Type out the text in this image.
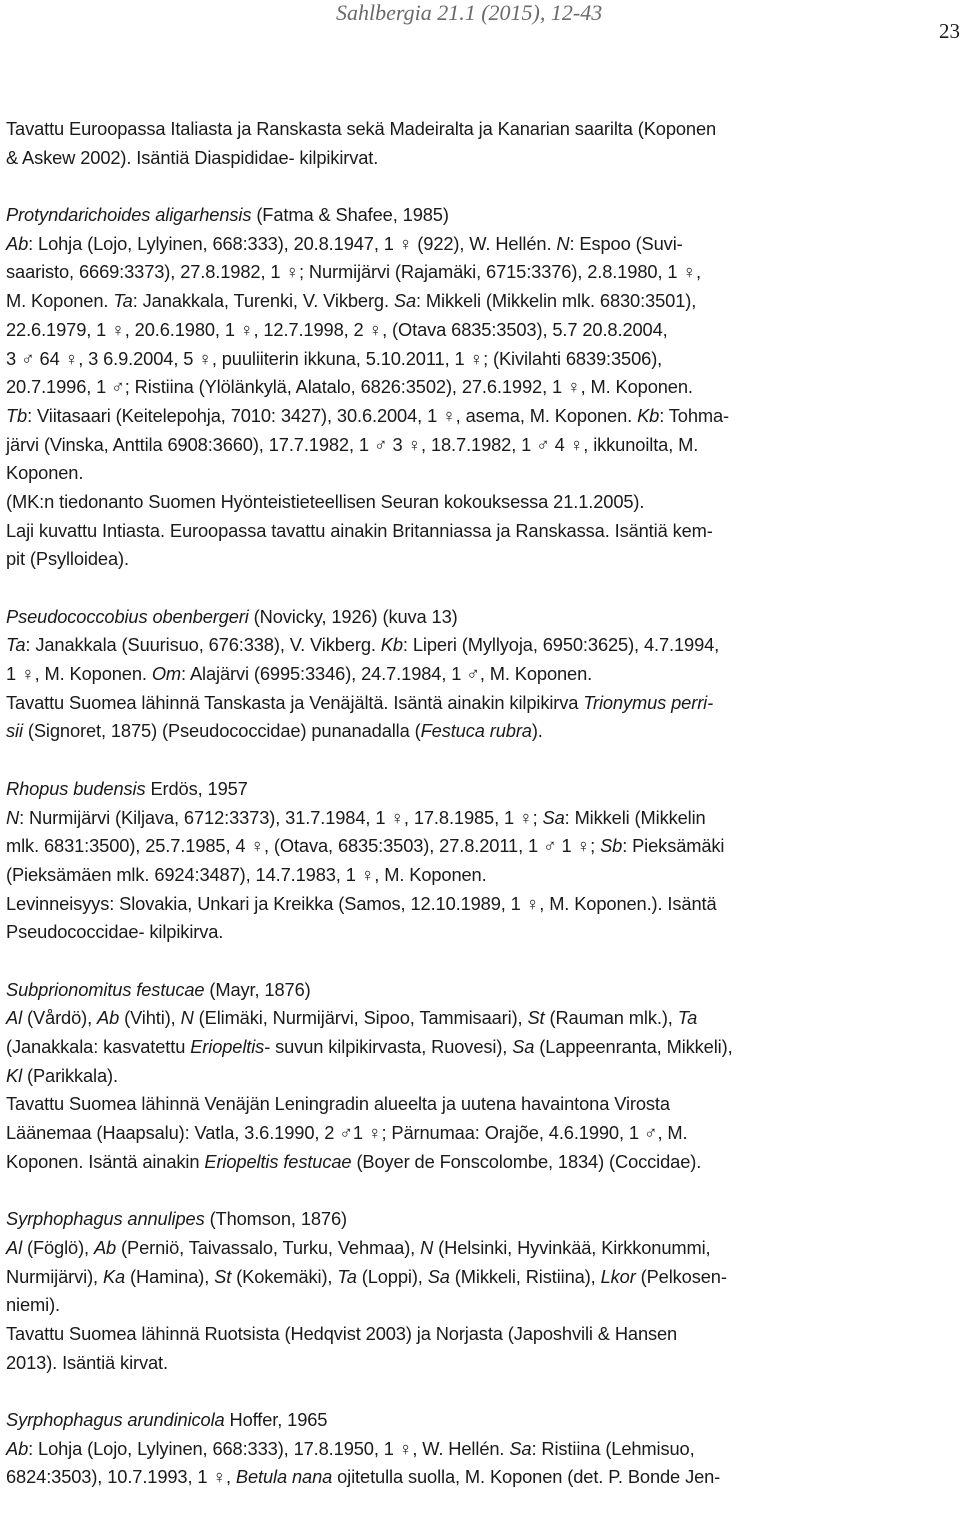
Sahlbergia 21.1 (2015), 12-43
23
Tavattu Euroopassa Italiasta ja Ranskasta sekä Madeiralta ja Kanarian saarilta (Koponen
& Askew 2002). Isäntiä Diaspididae- kilpikirvat.
Protyndarichoides aligarhensis (Fatma & Shafee, 1985)
Ab: Lohja (Lojo, Lylyinen, 668:333), 20.8.1947, 1 ♀ (922), W. Hellén. N: Espoo (Suvi-
saaristo, 6669:3373), 27.8.1982, 1 ♀; Nurmijärvi (Rajamäki, 6715:3376), 2.8.1980, 1 ♀,
M. Koponen. Ta: Janakkala, Turenki, V. Vikberg. Sa: Mikkeli (Mikkelin mlk. 6830:3501),
22.6.1979, 1 ♀, 20.6.1980, 1 ♀, 12.7.1998, 2 ♀, (Otava 6835:3503), 5.7 20.8.2004,
3 ♂ 64 ♀, 3 6.9.2004, 5 ♀, puuliiterin ikkuna, 5.10.2011, 1 ♀; (Kivilahti 6839:3506),
20.7.1996, 1 ♂; Ristiina (Ylölänkylä, Alatalo, 6826:3502), 27.6.1992, 1 ♀, M. Koponen.
Tb: Viitasaari (Keitelepohja, 7010: 3427), 30.6.2004, 1 ♀, asema, M. Koponen. Kb: Tohma-
järvi (Vinska, Anttila 6908:3660), 17.7.1982, 1 ♂ 3 ♀, 18.7.1982, 1 ♂ 4 ♀, ikkunoilta, M.
Koponen.
(MK:n tiedonanto Suomen Hyönteistieteellisen Seuran kokouksessa 21.1.2005).
Laji kuvattu Intiasta. Euroopassa tavattu ainakin Britanniassa ja Ranskassa. Isäntiä kem-
pit (Psylloidea).
Pseudococcobius obenbergeri (Novicky, 1926) (kuva 13)
Ta: Janakkala (Suurisuo, 676:338), V. Vikberg. Kb: Liperi (Myllyoja, 6950:3625), 4.7.1994,
1 ♀, M. Koponen. Om: Alajärvi (6995:3346), 24.7.1984, 1 ♂, M. Koponen.
Tavattu Suomea lähinnä Tanskasta ja Venäjältä. Isäntä ainakin kilpikirva Trionymus perri-
sii (Signoret, 1875) (Pseudococcidae) punanadalla (Festuca rubra).
Rhopus budensis Erdös, 1957
N: Nurmijärvi (Kiljava, 6712:3373), 31.7.1984, 1 ♀, 17.8.1985, 1 ♀; Sa: Mikkeli (Mikkelin
mlk. 6831:3500), 25.7.1985, 4 ♀, (Otava, 6835:3503), 27.8.2011, 1 ♂ 1 ♀; Sb: Pieksämäki
(Pieksämäen mlk. 6924:3487), 14.7.1983, 1 ♀, M. Koponen.
Levinneisyys: Slovakia, Unkari ja Kreikka (Samos, 12.10.1989, 1 ♀, M. Koponen.). Isäntä
Pseudococcidae- kilpikirva.
Subprionomitus festucae (Mayr, 1876)
Al (Vårdö), Ab (Vihti), N (Elimäki, Nurmijärvi, Sipoo, Tammisaari), St (Rauman mlk.), Ta
(Janakkala: kasvatettu Eriopeltis- suvun kilpikirvasta, Ruovesi), Sa (Lappeenranta, Mikkeli),
Kl (Parikkala).
Tavattu Suomea lähinnä Venäjän Leningradin alueelta ja uutena havaintona Virosta
Läänemaa (Haapsalu): Vatla, 3.6.1990, 2 ♂1 ♀; Pärnumaa: Orajõe, 4.6.1990, 1 ♂, M.
Koponen. Isäntä ainakin Eriopeltis festucae (Boyer de Fonscolombe, 1834) (Coccidae).
Syrphophagus annulipes (Thomson, 1876)
Al (Föglö), Ab (Perniö, Taivassalo, Turku, Vehmaa), N (Helsinki, Hyvinkää, Kirkkonummi,
Nurmijärvi), Ka (Hamina), St (Kokemäki), Ta (Loppi), Sa (Mikkeli, Ristiina), Lkor (Pelkosen-
niemi).
Tavattu Suomea lähinnä Ruotsista (Hedqvist 2003) ja Norjasta (Japoshvili & Hansen
2013). Isäntiä kirvat.
Syrphophagus arundinicola Hoffer, 1965
Ab: Lohja (Lojo, Lylyinen, 668:333), 17.8.1950, 1 ♀, W. Hellén. Sa: Ristiina (Lehmisuo,
6824:3503), 10.7.1993, 1 ♀, Betula nana ojitetulla suolla, M. Koponen (det. P. Bonde Jen-
